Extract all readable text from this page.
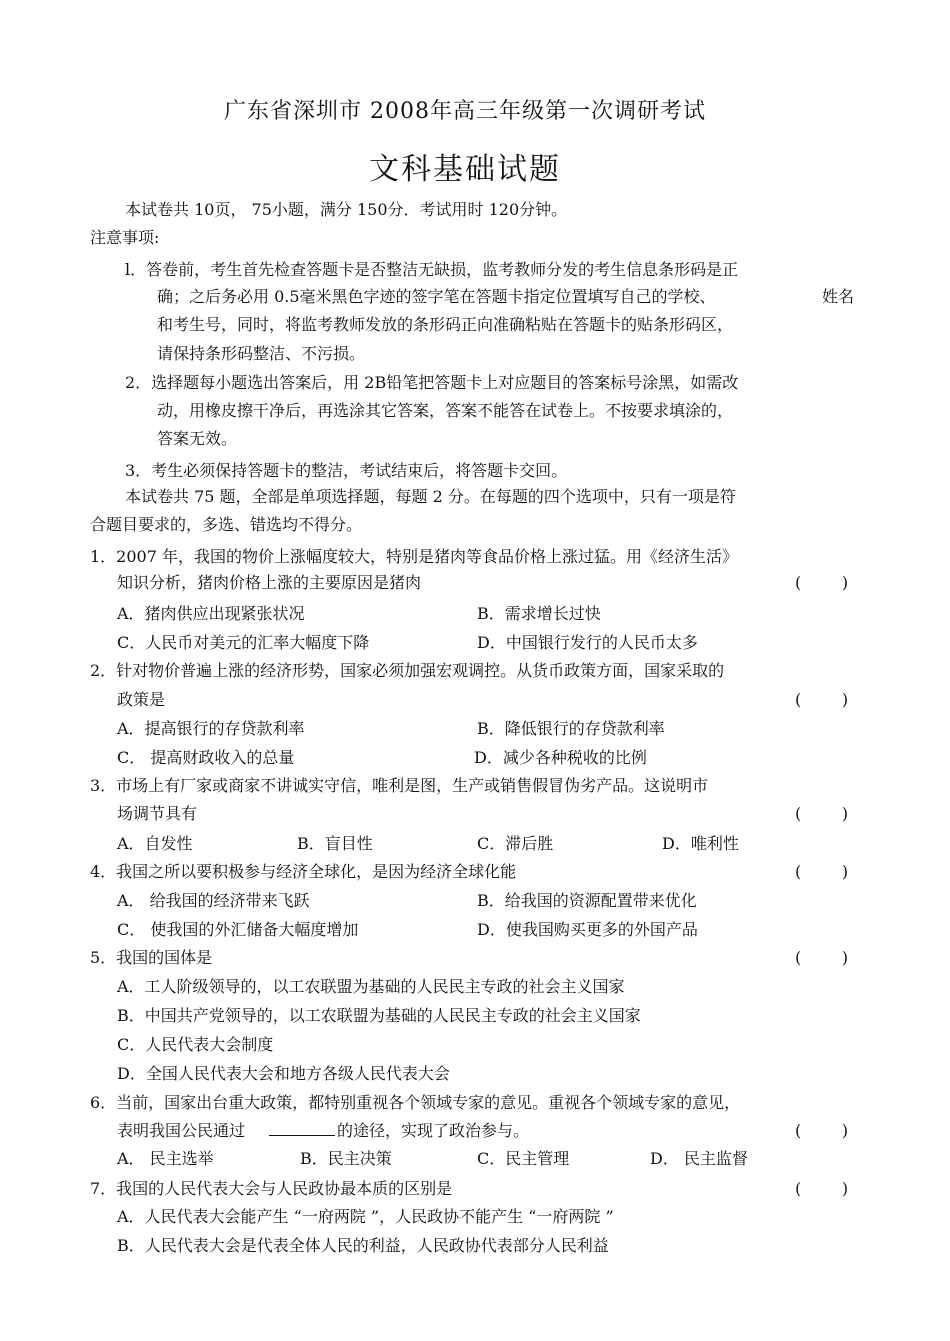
广东省深圳市 2008年高三年级第一次调研考试
文科基础试题
本试卷共 10页， 75小题，满分 150分．考试用时 120分钟。
注意事项:
l．答卷前，考生首先检查答题卡是否整洁无缺损，监考教师分发的考生信息条形码是正
确；之后务必用 0.5毫米黑色字迹的签字笔在答题卡指定位置填写自己的学校、	姓名
和考生号，同时，将监考教师发放的条形码正向准确粘贴在答题卡的贴条形码区，
请保持条形码整洁、不污损。
2．选择题每小题选出答案后，用 2B铅笔把答题卡上对应题目的答案标号涂黑，如需改
动，用橡皮擦干净后，再选涂其它答案，答案不能答在试卷上。不按要求填涂的，
答案无效。
3．考生必须保持答题卡的整洁，考试结束后，将答题卡交回。
本试卷共 75 题，全部是单项选择题，每题 2 分。在每题的四个选项中，只有一项是符
合题目要求的，多选、错选均不得分。
1．2007 年，我国的物价上涨幅度较大，特别是猪肉等食品价格上涨过猛。用《经济生活》
知识分析，猪肉价格上涨的主要原因是猪肉	(        )
A．猪肉供应出现紧张状况	B．需求增长过快
C．人民币对美元的汇率大幅度下降	D．中国银行发行的人民币太多
2．针对物价普遍上涨的经济形势，国家必须加强宏观调控。从货币政策方面，国家采取的
政策是	(        )
A．提高银行的存贷款利率	B．降低银行的存贷款利率
C． 提高财政收入的总量	D．减少各种税收的比例
3．市场上有厂家或商家不讲诚实守信，唯利是图，生产或销售假冒伪劣产品。这说明市
场调节具有	(        )
A．自发性	B．盲目性	C．滞后胜	D．唯利性
4．我国之所以要积极参与经济全球化，是因为经济全球化能	(        )
A． 给我国的经济带来飞跃	B．给我国的资源配置带来优化
C． 使我国的外汇储备大幅度增加	D．使我国购买更多的外国产品
5．我国的国体是	(        )
A．工人阶级领导的，以工农联盟为基础的人民民主专政的社会主义国家
B．中国共产党领导的，以工农联盟为基础的人民民主专政的社会主义国家
C．人民代表大会制度
D．全国人民代表大会和地方各级人民代表大会
6．当前，国家出台重大政策，都特别重视各个领域专家的意见。重视各个领域专家的意见，
表明我国公民通过	的途径，实现了政治参与。	(        )
A． 民主选举	B．民主决策	C．民主管理	D． 民主监督
7．我国的人民代表大会与人民政协最本质的区别是	(        )
A．人民代表大会能产生 “一府两院 ”，人民政协不能产生 “一府两院 ”
B．人民代表大会是代表全体人民的利益，人民政协代表部分人民利益
